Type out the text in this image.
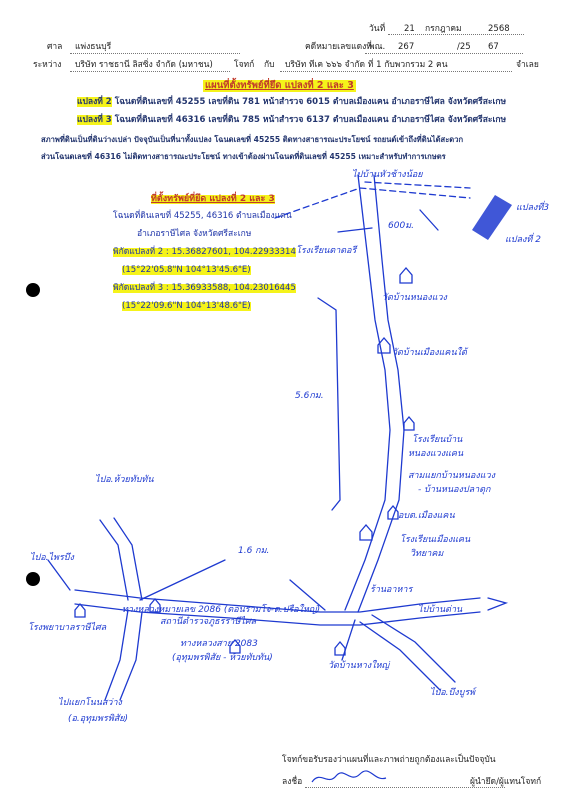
วันที่ 21 กรกฎาคม	2568
ศาล แพ่งธนบุรี	คดีหมายเลขแดงที่
พณ. 267	/25 67
ระหว่าง บริษัท ราชธานี ลิสซิ่ง จำกัด (มหาชน) โจทก์ กับ บริษัท ทีเค ๖๖๖ จำกัด ที่ 1 กับพวกรวม 2 คน	จำเลย
แผนที่ตั้งทรัพย์ที่ยึด แปลงที่ 2 และ 3
แปลงที่ 2 โฉนดที่ดินเลขที่ 45255 เลขที่ดิน 781 หน้าสำรวจ 6015 ตำบลเมืองแคน อำเภอราษีไศล จังหวัดศรีสะเกษ
แปลงที่ 3 โฉนดที่ดินเลขที่ 46316 เลขที่ดิน 785 หน้าสำรวจ 6137 ตำบลเมืองแคน อำเภอราษีไศล จังหวัดศรีสะเกษ
สภาพที่ดินเป็นที่ดินว่างเปล่า ปัจจุบันเป็นที่นาทั้งแปลง โฉนดเลขที่ 45255 ติดทางสาธารณะประโยชน์ รถยนต์เข้าถึงที่ดินได้สะดวก
ส่วนโฉนดเลขที่ 46316 ไม่ติดทางสาธารณะประโยชน์ ทางเข้าต้องผ่านโฉนดที่ดินเลขที่ 45255 เหมาะสำหรับทำการเกษตร
ที่ตั้งทรัพย์ที่ยึด แปลงที่ 2 และ 3
โฉนดที่ดินเลขที่ 45255, 46316 ตำบลเมืองแคน
อำเภอราษีไศล จังหวัดศรีสะเกษ
พิกัดแปลงที่ 2 : 15.36827601, 104.22933314
(15°22'05.8"N 104°13'45.6"E)
พิกัดแปลงที่ 3 : 15.36933588, 104.23016445
(15°22'09.6"N 104°13'48.6"E)
ไปบ้านหัวช้างน้อย
600ม.
แปลงที่3
แปลงที่ 2
โรงเรียนตาดอรี
วัดบ้านหนองแวง
วัดบ้านเมืองแคนใต้
5.6กม.
โรงเรียนบ้าน
หนองแวงแคน
สามแยกบ้านหนองแวง
- บ้านหนองปลาดุก
อบต.เมืองแคน
โรงเรียนเมืองแคน
วิทยาคม
ร้านอาหาร
ไปอ.ห้วยทับทัน
ไปอ.ไพรบึง
1.6 กม.
ทางหลวงหมายเลข 2086 (ตอนรามโจ-ต.ปรือใหญ่)
สถานีตำรวจภูธรราษีไศล
โรงพยาบาลราษีไศล
ทางหลวงสาย 2083
(อุทุมพรพิสัย - ห้วยทับทัน)
ไปบ้านด่าน
วัดบ้านหางใหญ่
ไปแยกโนนสว่าง
(อ.อุทุมพรพิสัย)
ไปอ.บึงบูรพ์
โจทก์ขอรับรองว่าแผนที่และภาพถ่ายถูกต้องและเป็นปัจจุบัน
ลงชื่อ	ผู้นำยึด/ผู้แทนโจทก์
